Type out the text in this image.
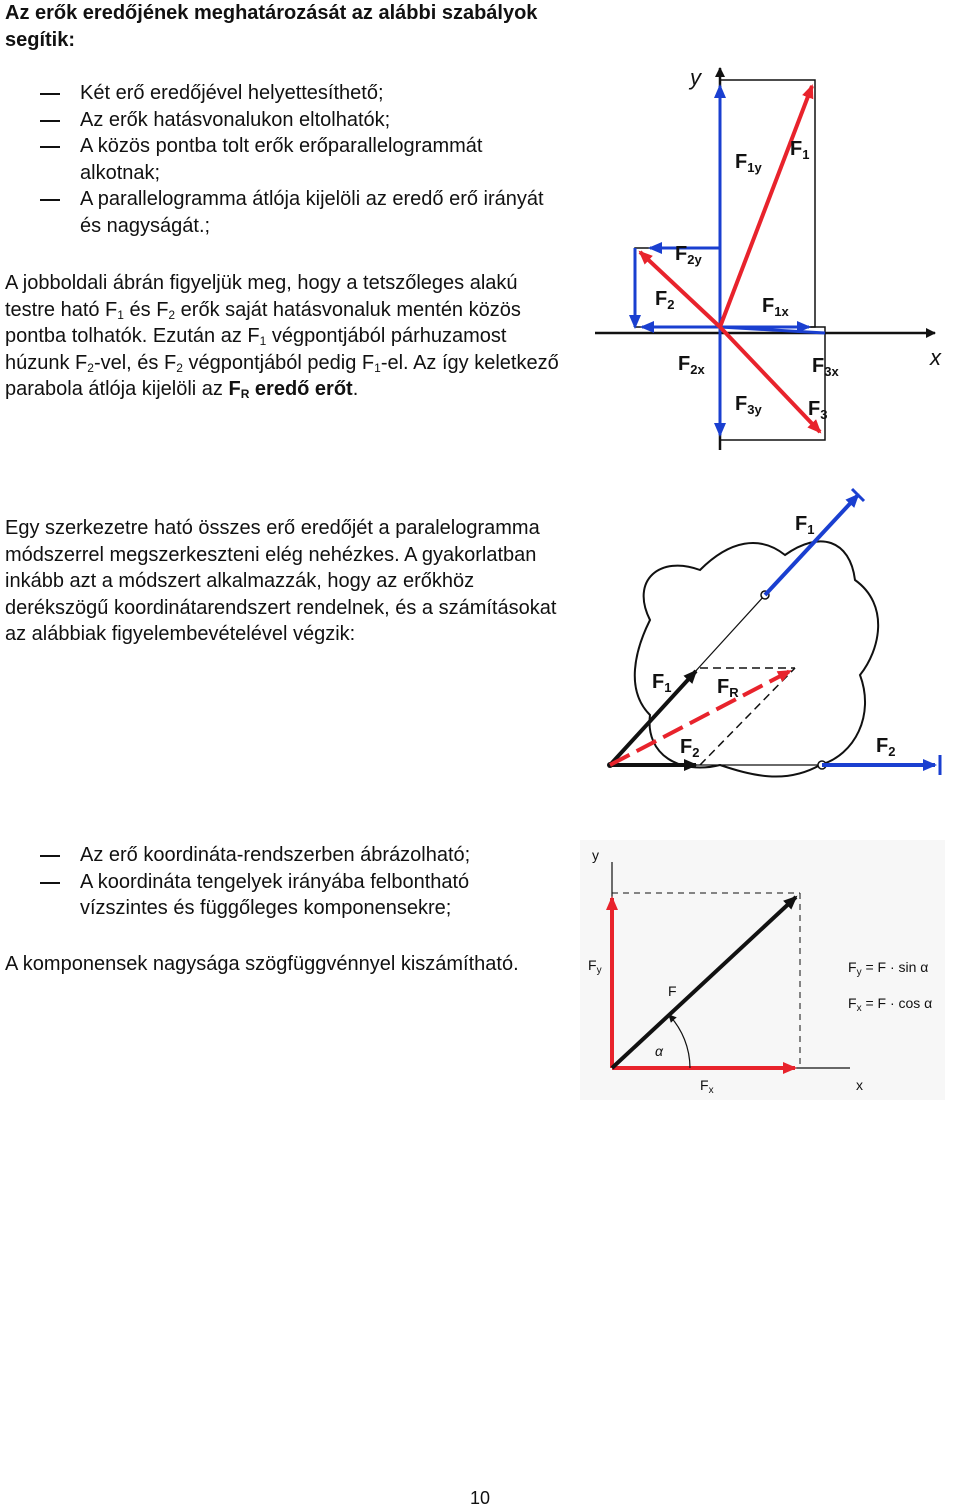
Az erők eredőjének meghatározását az alábbi szabályok segítik:
Két erő eredőjével helyettesíthető;
Az erők hatásvonalukon eltolhatók;
A közös pontba tolt erők erőparallelogrammát alkotnak;
A parallelogramma átlója kijelöli az eredő erő irányát és nagyságát.;
A jobboldali ábrán figyeljük meg, hogy a tetszőleges alakú testre ható $F_1$ és $F_2$ erők saját hatásvonaluk mentén közös pontba tolhatók. Ezután az $F_1$ végpontjából párhuzamost húzunk $F_2$-vel, és $F_2$ végpontjából pedig $F_1-el$. Az így keletkező parabola átlója kijelöli az $F_R$ eredő erőt.
y
x
$F_1$
$F_{1y}$
$F_{1x}$
$F_2$
$F_{2y}$
$F_{2x}$
$F_3$
$F_{3x}$
$F_{3y}$
Egy szerkezetre ható összes erő eredőjét a paralelogramma módszerrel megszerkeszteni elég nehézkes. A gyakorlatban inkább azt a módszert alkalmazzák, hogy az erőkhöz derékszögű koordinátarendszert rendelnek, és a számításokat az alábbiak figyelembevételével végzik:
$F_1$
$F_1$ $F_R$
$F_2$	$F_2$
Az erő koordináta-rendszerben ábrázolható;
A koordináta tengelyek irányába felbontható vízszintes és függőleges komponensekre;
A komponensek nagysága szögfüggvénnyel kiszámítható.
y
x
$F_y$
F
α
$F_x$
$F_y = F \cdot \sin \alpha$
$F_x = F \cdot \cos \alpha$
10
